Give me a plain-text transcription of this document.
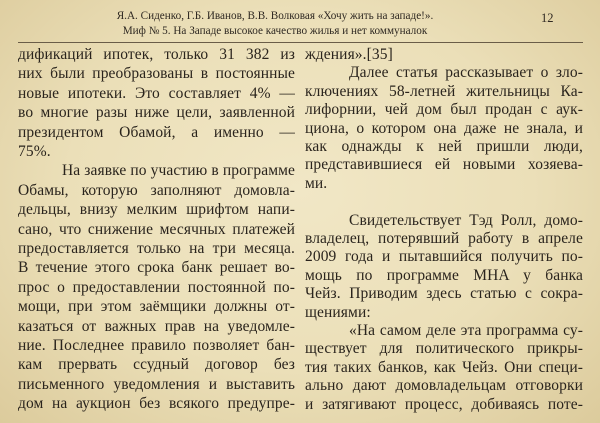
Я.А. Сиденко, Г.Б. Иванов, В.В. Волковая «Хочу жить на западе!».
Миф № 5. На Западе высокое качество жилья и нет коммуналок
12
дификаций ипотек, только 31 382 из
них были преобразованы в постоянные
новые ипотеки. Это составляет 4% —
во многие разы ниже цели, заявленной
президентом Обамой, а именно —
75%.
На заявке по участию в программе
Обамы, которую заполняют домовла-
дельцы, внизу мелким шрифтом напи-
сано, что снижение месячных платежей
предоставляется только на три месяца.
В течение этого срока банк решает во-
прос о предоставлении постоянной по-
мощи, при этом заёмщики должны от-
казаться от важных прав на уведомле-
ние. Последнее правило позволяет бан-
кам прервать ссудный договор без
письменного уведомления и выставить
дом на аукцион без всякого предупре-
ждения».[35]
Далее статья рассказывает о зло-
ключениях 58-летней жительницы Ка-
лифорнии, чей дом был продан с аук-
циона, о котором она даже не знала, и
как однажды к ней пришли люди,
представившиеся ей новыми хозяева-
ми.
Свидетельствует Тэд Ролл, домо-
владелец, потерявший работу в апреле
2009 года и пытавшийся получить по-
мощь по программе MHA у банка
Чейз. Приводим здесь статью с сокра-
щениями:
«На самом деле эта программа су-
ществует для политического прикры-
тия таких банков, как Чейз. Они специ-
ально дают домовладельцам отговорки
и затягивают процесс, добиваясь поте-
